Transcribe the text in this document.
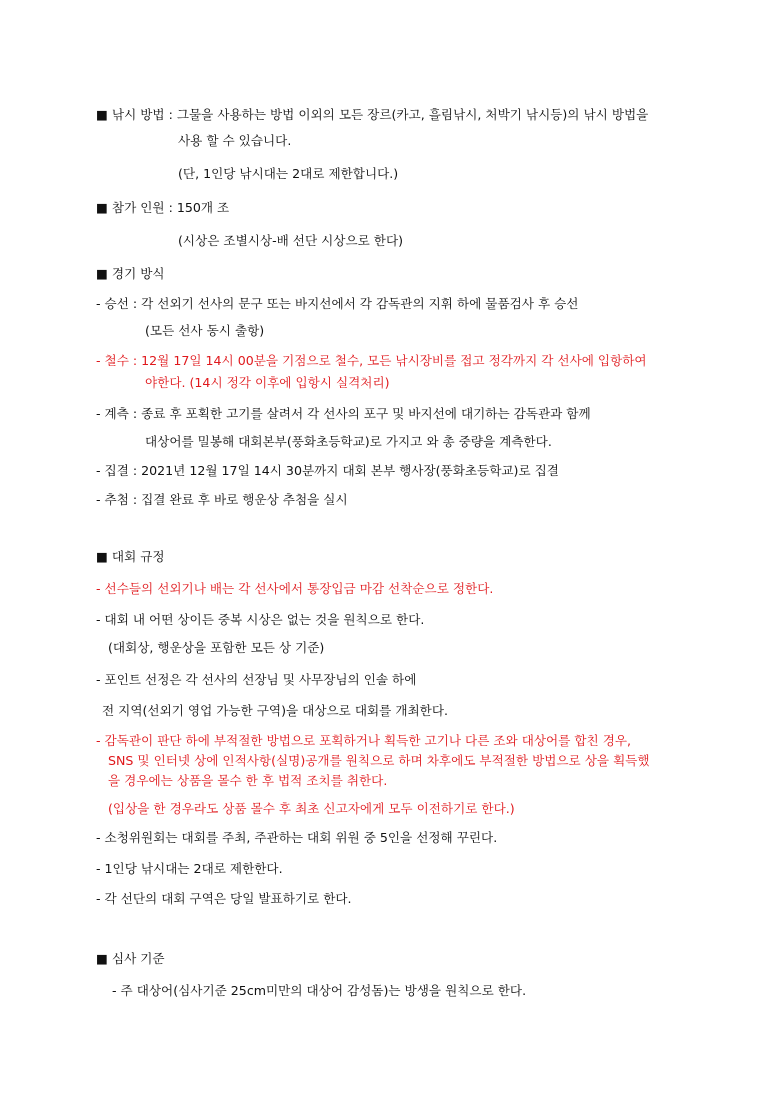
■ 낚시 방법 : 그물을 사용하는 방법 이외의 모든 장르(카고, 흘림낚시, 처박기 낚시등)의 낚시 방법을
사용 할 수 있습니다.
(단, 1인당 낚시대는 2대로 제한합니다.)
■ 참가 인원 : 150개 조
(시상은 조별시상-배 선단 시상으로 한다)
■ 경기 방식
- 승선 : 각 선외기 선사의 문구 또는 바지선에서 각 감독관의 지휘 하에 물품검사 후 승선
(모든 선사 동시 출항)
- 철수 : 12월 17일 14시 00분을 기점으로 철수, 모든 낚시장비를 접고 정각까지 각 선사에 입항하여
야한다. (14시 정각 이후에 입항시 실격처리)
- 계측 : 종료 후 포획한 고기를 살려서 각 선사의 포구 및 바지선에 대기하는 감독관과 함께
대상어를 밀봉해 대회본부(풍화초등학교)로 가지고 와 총 중량을 계측한다.
- 집결 : 2021년 12월 17일 14시 30분까지 대회 본부 행사장(풍화초등학교)로 집결
- 추첨 : 집결 완료 후 바로 행운상 추첨을 실시
■ 대회 규정
- 선수들의 선외기나 배는 각 선사에서 통장입금 마감 선착순으로 정한다.
- 대회 내 어떤 상이든 중복 시상은 없는 것을 원칙으로 한다.
(대회상, 행운상을 포함한 모든 상 기준)
- 포인트 선정은 각 선사의 선장님 및 사무장님의 인솔 하에
전 지역(선외기 영업 가능한 구역)을 대상으로 대회를 개최한다.
- 감독관이 판단 하에 부적절한 방법으로 포획하거나 획득한 고기나 다른 조와 대상어를 합친 경우,
SNS 및 인터넷 상에 인적사항(실명)공개를 원칙으로 하며 차후에도 부적절한 방법으로 상을 획득했
을 경우에는 상품을 몰수 한 후 법적 조치를 취한다.
(입상을 한 경우라도 상품 몰수 후 최초 신고자에게 모두 이전하기로 한다.)
- 소청위원회는 대회를 주최, 주관하는 대회 위원 중 5인을 선정해 꾸린다.
- 1인당 낚시대는 2대로 제한한다.
- 각 선단의 대회 구역은 당일 발표하기로 한다.
■ 심사 기준
- 주 대상어(심사기준 25cm미만의 대상어 감성돔)는 방생을 원칙으로 한다.
